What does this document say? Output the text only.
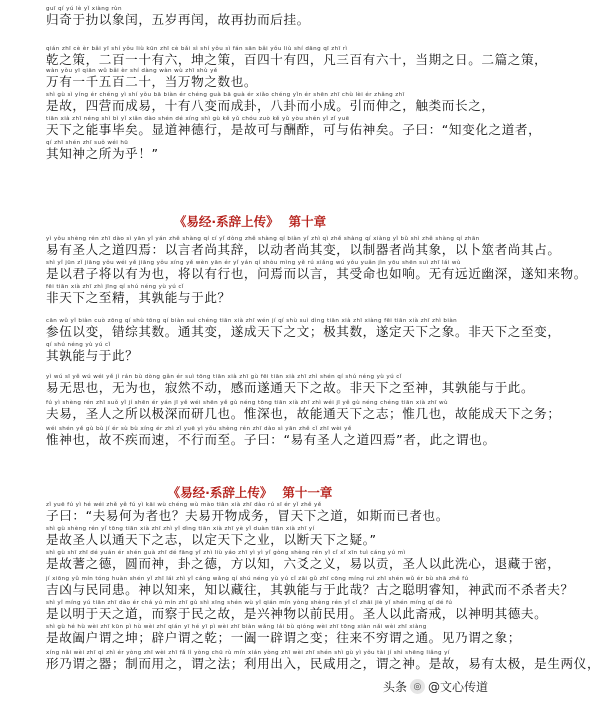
guī qí yú lè yǐ xiàng rùn
归奇于扐以象闰，五岁再闰，故再扐而后挂。
qián zhī cè èr bǎi yī shí yǒu liù kūn zhī cè bǎi sì shí yǒu sì fán sān bǎi yǒu liù shí dāng qī zhī rì
乾之策，二百一十有六，坤之策，百四十有四，凡三百有六十，当期之日。二篇之策，
wàn yǒu yī qiān wǔ bǎi èr shí dàng wàn wù zhī shù yě
万有一千五百二十，当万物之数也。
shì gù sì yíng ér chéng yì shí yǒu bā biàn ér chéng guà bā guà ér xiǎo chéng yǐn ér shēn zhī chù lèi ér zhǎng zhī
是故，四营而成易，十有八变而成卦，八卦而小成。引而伸之，触类而长之，
tiān xià zhī néng shì bì yǐ xiǎn dào shén dé xíng shì gù kě yǔ chóu zuò kě yǔ yòu shén yǐ zǐ yuē
天下之能事毕矣。显道神德行，是故可与酬酢，可与佑神矣。子曰：“知变化之道者，
qí zhī shén zhī suǒ wéi hū
其知神之所为乎！”
《易经·系辞上传》 第十章
yì yǒu shèng rén zhī dào sì yān yǐ yán zhě shàng qí cí yǐ dòng zhě shàng qí biàn yǐ zhì qì zhě shàng qí xiàng yǐ bǔ shì zhě shàng qí zhān
易有圣人之道四焉：以言者尚其辞，以动者尚其变，以制器者尚其象，以卜筮者尚其占。
shì yǐ jūn zǐ jiāng yǒu wéi yě jiāng yǒu xíng yě wèn yān ér yǐ yán qí shòu mìng yě rú xiǎng wú yǒu yuǎn jìn yōu shēn suì zhī lái wù
是以君子将以有为也，将以有行也，问焉而以言，其受命也如响。无有远近幽深，遂知来物。
fēi tiān xià zhī zhì jīng qí shú néng yù yú cǐ
非天下之至精，其孰能与于此？
cān wǔ yǐ biàn cuò zōng qí shù tōng qí biàn suì chéng tiān xià zhī wén jí qí shù suì dìng tiān xià zhī xiàng fēi tiān xià zhī zhì biàn
参伍以变，错综其数。通其变，遂成天下之文；极其数，遂定天下之象。非天下之至变，
qí shú néng yù yú cǐ
其孰能与于此？
yì wú sī yě wú wéi yě jì rán bù dòng gǎn ér suì tōng tiān xià zhī gù fēi tiān xià zhī zhì shén qí shú néng yù yú cǐ
易无思也，无为也，寂然不动，感而遂通天下之故。非天下之至神，其孰能与于此。
fú yì shèng rén zhī suǒ yǐ jí shēn ér yán jī yě wéi shēn yě gù néng tōng tiān xià zhī zhì wéi jī yě gù néng chéng tiān xià zhī wù
夫易，圣人之所以极深而研几也。惟深也，故能通天下之志；惟几也，故能成天下之务；
wéi shén yě gù bù jí ér sù bù xíng ér zhì zǐ yuē yì yǒu shèng rén zhī dào sì yān zhě cǐ zhī wèi yě
惟神也，故不疾而速，不行而至。子曰：“易有圣人之道四焉”者，此之谓也。
《易经·系辞上传》 第十一章
zǐ yuē fú yì hé wéi zhě yě fú yì kāi wù chéng wù mào tiān xià zhī dào rú sī ér yǐ zhě yě
子曰：“夫易何为者也？夫易开物成务，冒天下之道，如斯而已者也。
shì gù shèng rén yǐ tōng tiān xià zhī zhì yǐ dìng tiān xià zhī yè yǐ duàn tiān xià zhī yí
是故圣人以通天下之志，以定天下之业，以断天下之疑。”
shì gù shī zhī dé yuán ér shén guà zhī dé fāng yǐ zhì liù yáo zhī yì yì yǐ gòng shèng rén yǐ cǐ xǐ xīn tuì cáng yú mì
是故蓍之德，圆而神，卦之德，方以知，六爻之义，易以贡，圣人以此洗心，退藏于密，
jí xiōng yǔ mín tóng huàn shén yǐ zhī lái zhì yǐ cáng wǎng qí shú néng yù yú cǐ zāi gǔ zhī cōng míng ruì zhī shén wǔ ér bù shā zhě fú
吉凶与民同患。神以知来，知以藏往，其孰能与于此哉？古之聪明睿知，神武而不杀者夫？
shì yǐ míng yú tiān zhī dào ér chá yú mín zhī gù shì xīng shén wù yǐ qián mín yòng shèng rén yǐ cǐ zhāi jiè yǐ shén míng qí dé fú
是以明于天之道，而察于民之故，是兴神物以前民用。圣人以此斋戒，以神明其德夫。
shì gù hé hù wèi zhī kūn pì hù wèi zhī qián yī hé yī pì wèi zhī biàn wǎng lái bù qióng wèi zhī tōng xiàn nǎi wèi zhī xiàng
是故阖户谓之坤；辟户谓之乾；一阖一辟谓之变；往来不穷谓之通。见乃谓之象；
xíng nǎi wèi zhī qì zhì ér yòng zhī wèi zhī fǎ lì yòng chū rù mín xián yòng zhī wèi zhī shén shì gù yì yǒu tài jí shì shēng liǎng yí
形乃谓之器；制而用之，谓之法；利用出入，民咸用之，谓之神。是故，易有太极，是生两仪，
头条 ◎ @ 文心传道
